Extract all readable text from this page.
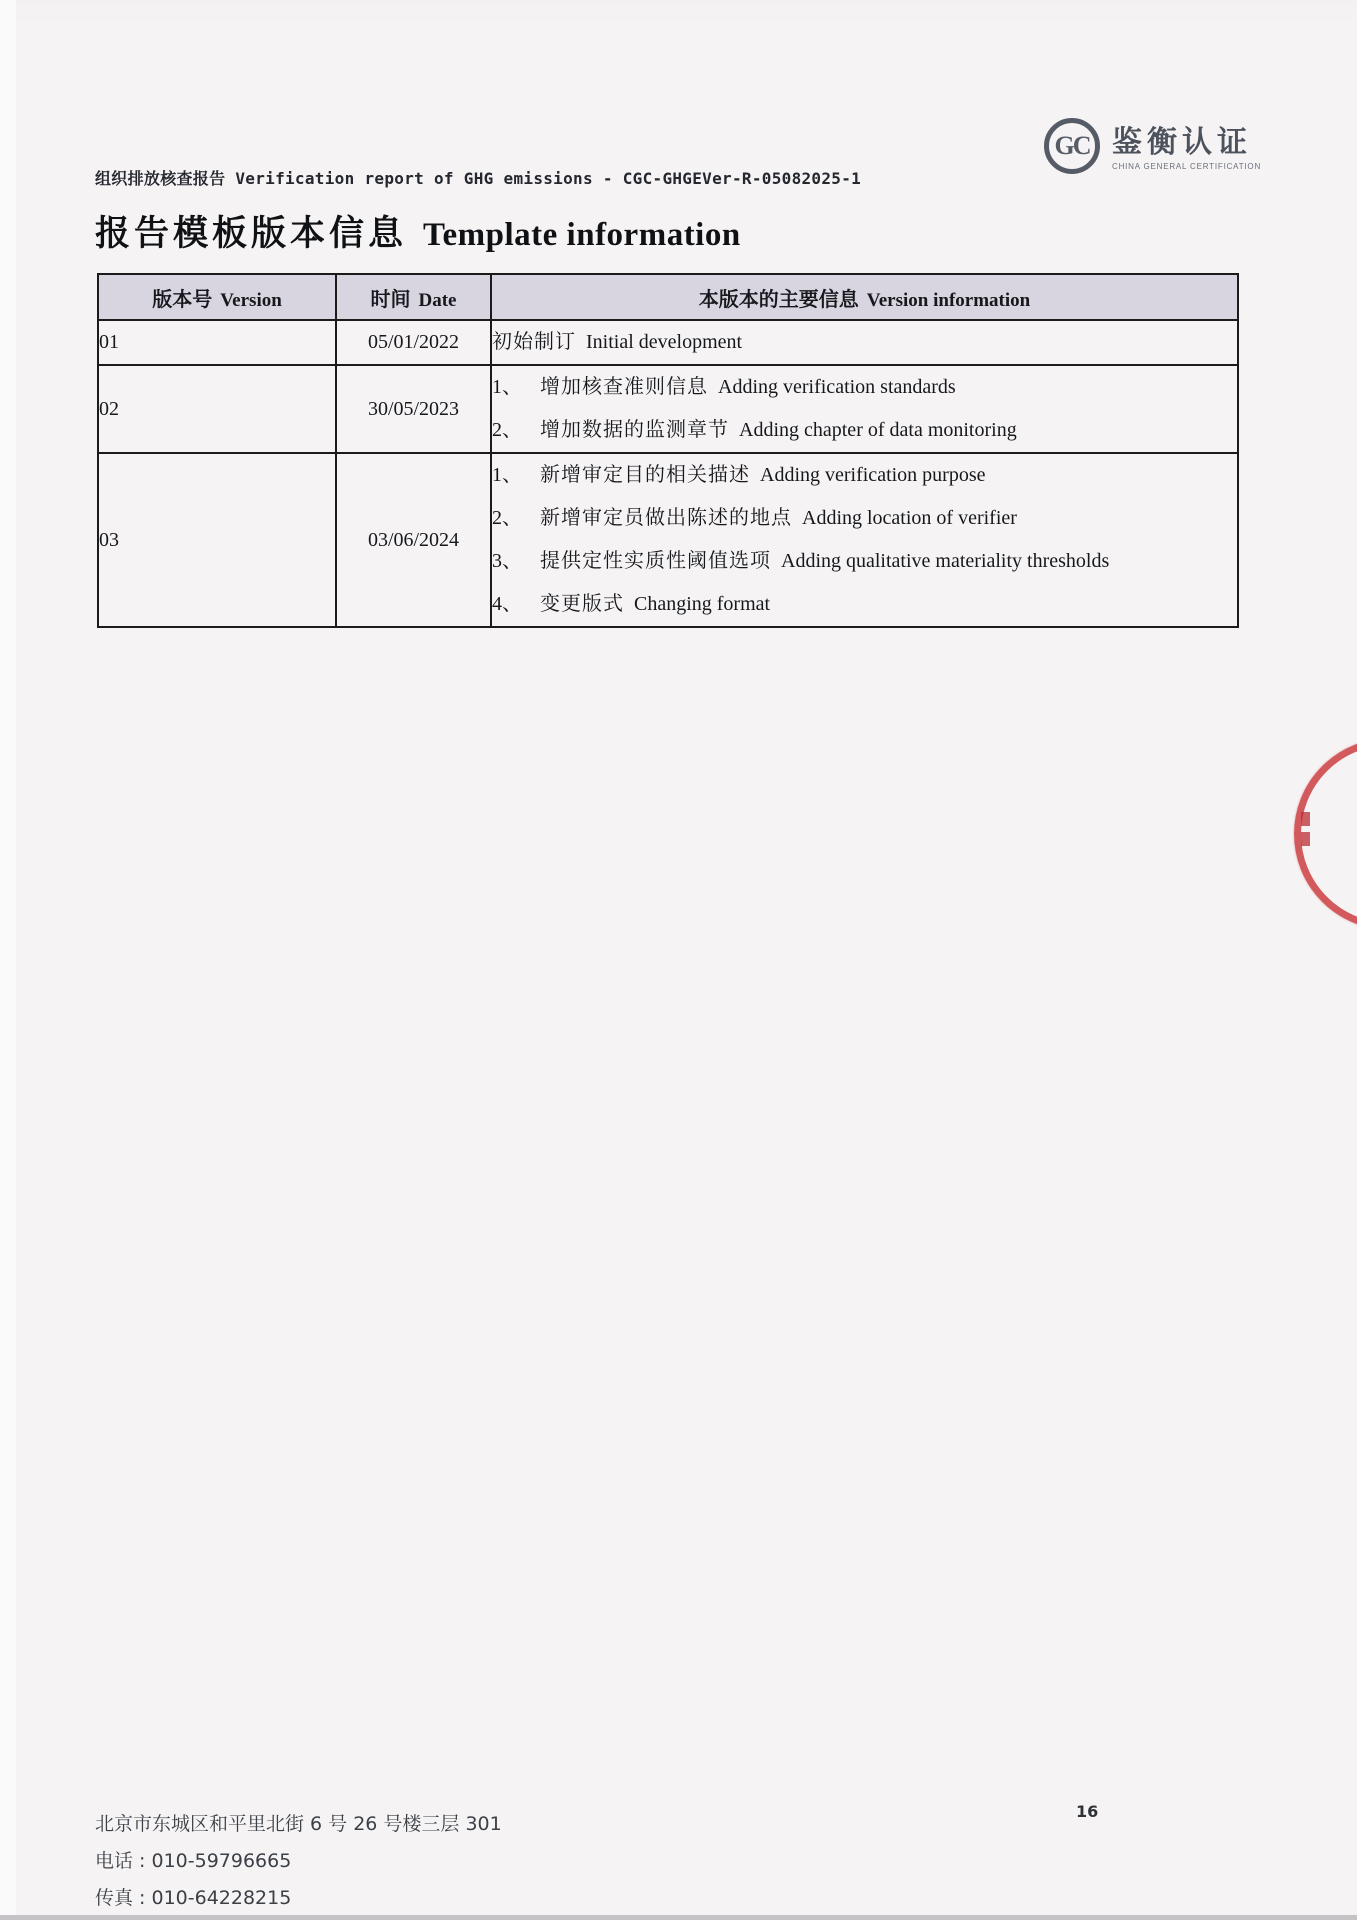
GC 鉴衡认证
CHINA GENERAL CERTIFICATION
组织排放核查报告 Verification report of GHG emissions - CGC-GHGEVer-R-05082025-1
报告模板版本信息 Template information
版本号 Version	时间 Date	本版本的主要信息 Version information
01	05/01/2022	初始制订 Initial development

02	30/05/2023	1、 增加核查准则信息 Adding verification standards
2、 增加数据的监测章节 Adding chapter of data monitoring

03	03/06/2024	1、 新增审定目的相关描述 Adding verification purpose
2、 新增审定员做出陈述的地点 Adding location of verifier
3、 提供定性实质性阈值选项 Adding qualitative materiality thresholds
4、 变更版式 Changing format
北京市东城区和平里北街 6 号 26 号楼三层 301
电话 : 010-59796665
传真 : 010-64228215
16
